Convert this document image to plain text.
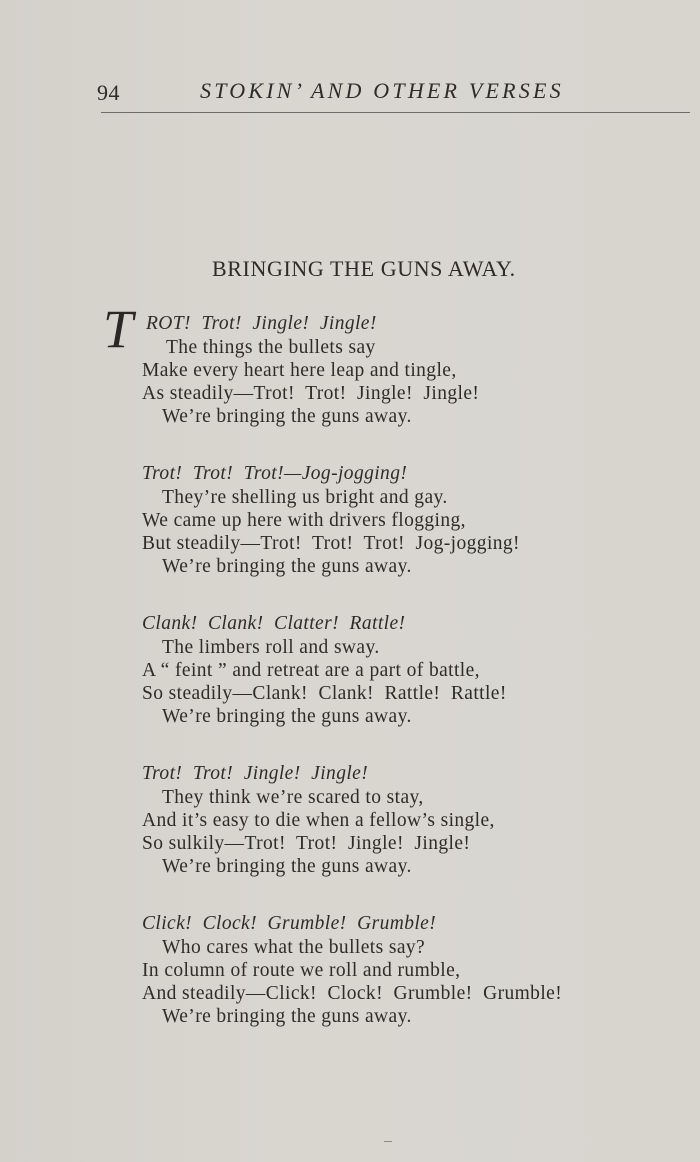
94	STOKIN’ AND OTHER VERSES
BRINGING THE GUNS AWAY.
T ROT!  Trot!  Jingle!  Jingle!
The things the bullets say
Make every heart here leap and tingle,
As steadily—Trot!  Trot!  Jingle!  Jingle!
We’re bringing the guns away.
Trot!  Trot!  Trot!—Jog-jogging!
They’re shelling us bright and gay.
We came up here with drivers flogging,
But steadily—Trot!  Trot!  Trot!  Jog-jogging!
We’re bringing the guns away.
Clank!  Clank!  Clatter!  Rattle!
The limbers roll and sway.
A “ feint ” and retreat are a part of battle,
So steadily—Clank!  Clank!  Rattle!  Rattle!
We’re bringing the guns away.
Trot!  Trot!  Jingle!  Jingle!
They think we’re scared to stay,
And it’s easy to die when a fellow’s single,
So sulkily—Trot!  Trot!  Jingle!  Jingle!
We’re bringing the guns away.
Click!  Clock!  Grumble!  Grumble!
Who cares what the bullets say?
In column of route we roll and rumble,
And steadily—Click!  Clock!  Grumble!  Grumble!
We’re bringing the guns away.
